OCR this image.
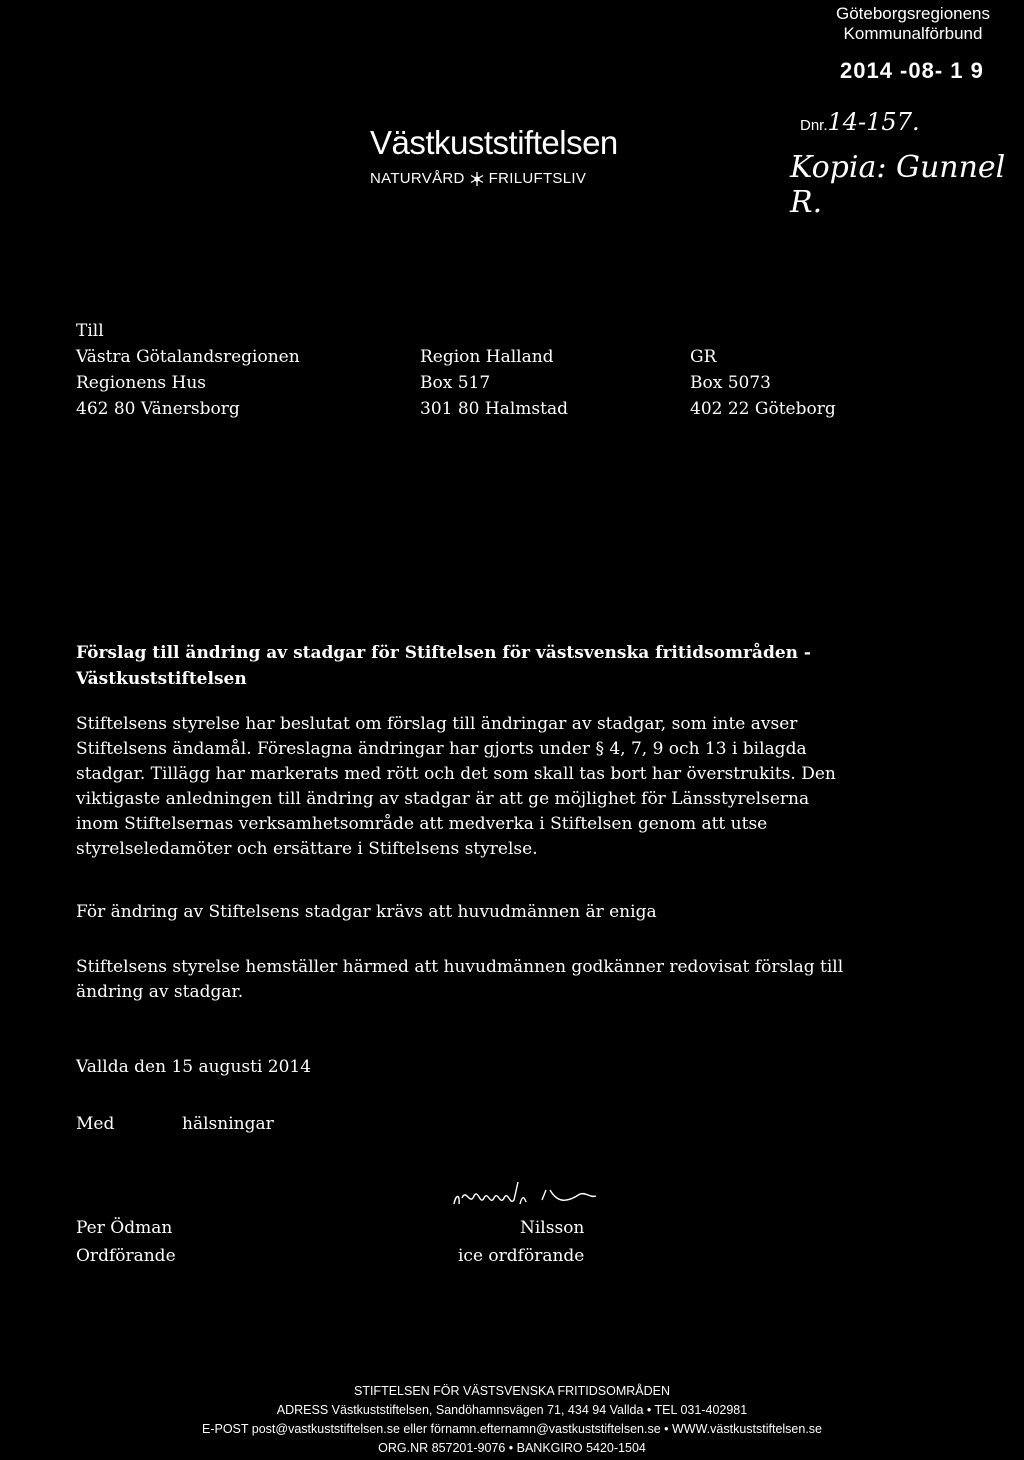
Göteborgsregionens
Kommunalförbund
2014 -08- 1 9
Dnr.14-157.
Kopia: Gunnel R.
Västkuststiftelsen
NATURVÅRD FRILUFTSLIV
Till
Västra Götalandsregionen
Regionens Hus
462 80 Vänersborg
Region Halland
Box 517
301 80 Halmstad
GR
Box 5073
402 22 Göteborg
Förslag till ändring av stadgar för Stiftelsen för västsvenska fritidsområden -
Västkuststiftelsen
Stiftelsens styrelse har beslutat om förslag till ändringar av stadgar, som inte avser
Stiftelsens ändamål. Föreslagna ändringar har gjorts under § 4, 7, 9 och 13 i bilagda
stadgar. Tillägg har markerats med rött och det som skall tas bort har överstrukits. Den
viktigaste anledningen till ändring av stadgar är att ge möjlighet för Länsstyrelserna
inom Stiftelsernas verksamhetsområde att medverka i Stiftelsen genom att utse
styrelseledamöter och ersättare i Stiftelsens styrelse.
För ändring av Stiftelsens stadgar krävs att huvudmännen är eniga
Stiftelsens styrelse hemställer härmed att huvudmännen godkänner redovisat förslag till
ändring av stadgar.
Vallda den 15 augusti 2014
Med	hälsningar
Per Ödman
Ordförande
Nilsson
ice ordförande
STIFTELSEN FÖR VÄSTSVENSKA FRITIDSOMRÅDEN
ADRESS Västkuststiftelsen, Sandöhamnsvägen 71, 434 94 Vallda • TEL 031-402981
E-POST post@vastkuststiftelsen.se eller förnamn.efternamn@vastkuststiftelsen.se • WWW.västkuststiftelsen.se
ORG.NR 857201-9076 • BANKGIRO 5420-1504
